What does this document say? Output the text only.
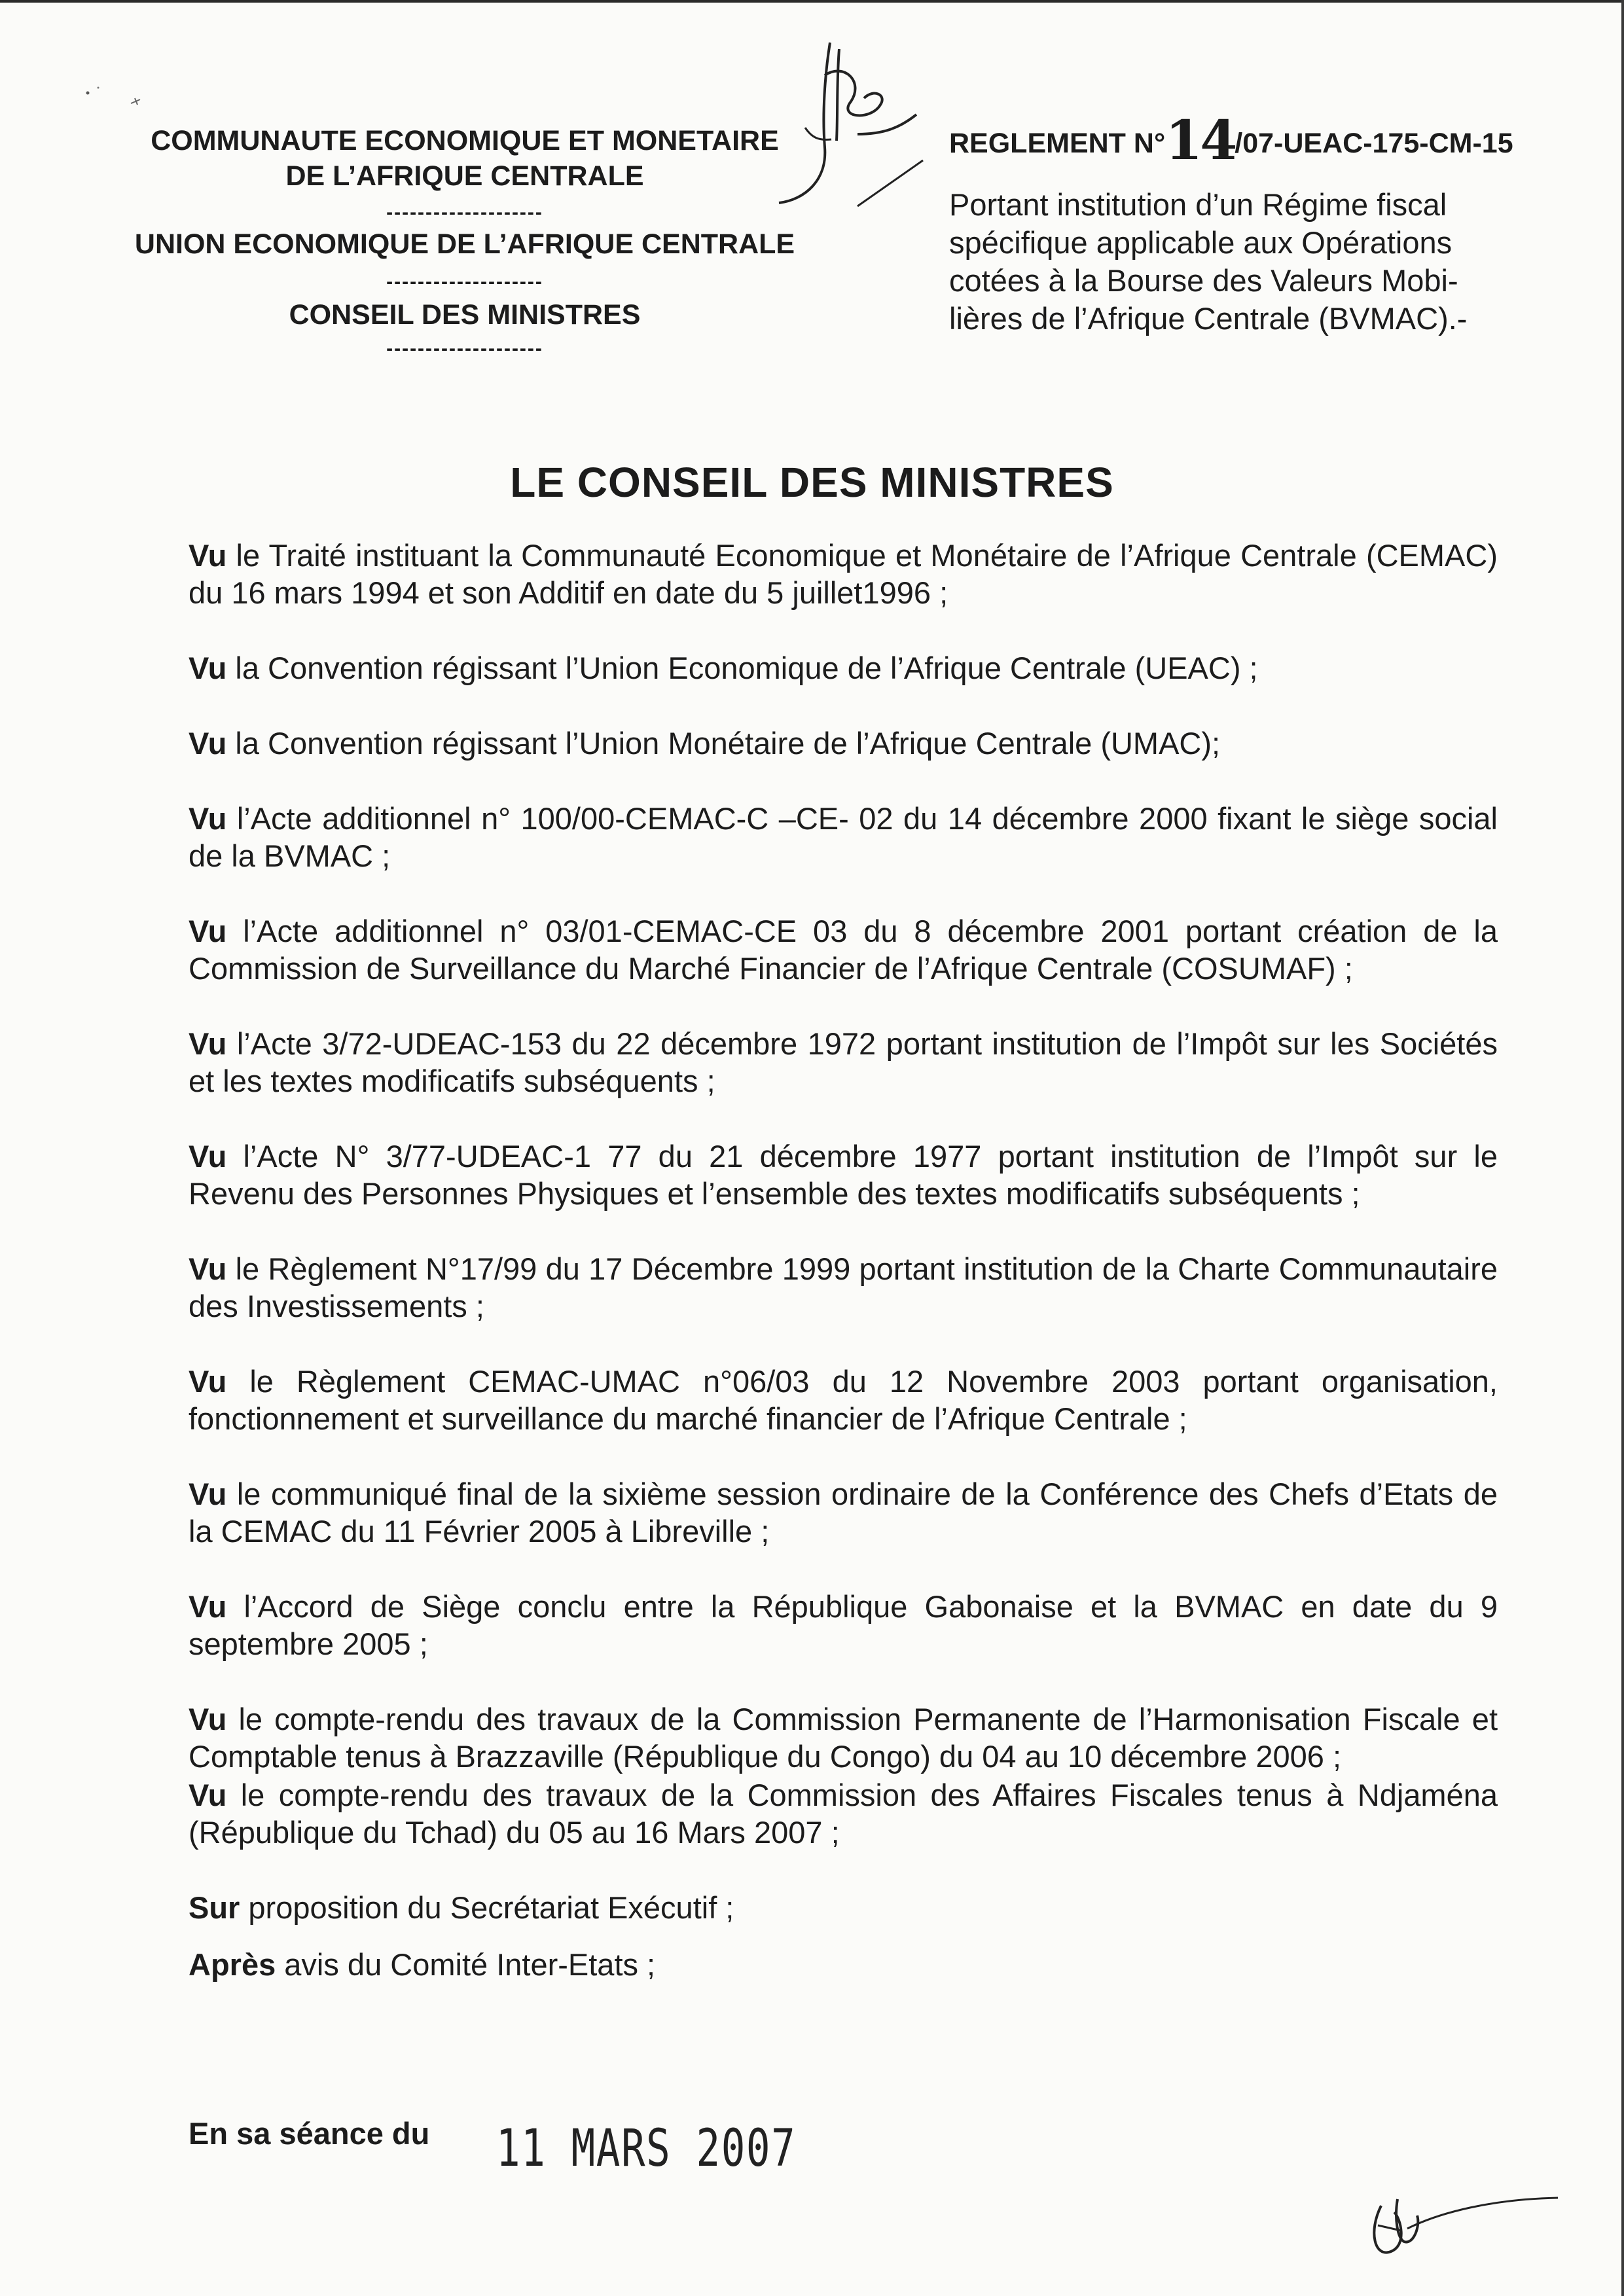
COMMUNAUTE ECONOMIQUE ET MONETAIRE
DE L’AFRIQUE CENTRALE
--------------------
UNION ECONOMIQUE DE L’AFRIQUE CENTRALE
--------------------
CONSEIL DES MINISTRES
--------------------
REGLEMENT N°14/07-UEAC-175-CM-15
Portant institution d’un Régime fiscal
spécifique applicable aux Opérations
cotées à la Bourse des Valeurs Mobi-
lières de l’Afrique Centrale (BVMAC).-
LE CONSEIL DES MINISTRES

Vu le Traité instituant la Communauté Economique et Monétaire de l’Afrique Centrale (CEMAC) du 16 mars 1994 et son Additif en date du 5 juillet1996 ;

Vu la Convention régissant l’Union Economique de l’Afrique Centrale (UEAC) ;

Vu la Convention régissant l’Union Monétaire de l’Afrique Centrale (UMAC);

Vu l’Acte additionnel n° 100/00-CEMAC-C –CE- 02 du 14 décembre 2000 fixant le siège social de la BVMAC ;

Vu l’Acte additionnel n° 03/01-CEMAC-CE 03 du 8 décembre 2001 portant création de la Commission de Surveillance du Marché Financier de l’Afrique Centrale (COSUMAF) ;

Vu l’Acte 3/72-UDEAC-153 du 22 décembre 1972 portant institution de l’Impôt sur les Sociétés et les textes modificatifs subséquents ;

Vu l’Acte N° 3/77-UDEAC-1 77 du 21 décembre 1977 portant institution de l’Impôt sur le Revenu des Personnes Physiques et l’ensemble des textes modificatifs subséquents ;

Vu le Règlement N°17/99 du 17 Décembre 1999 portant institution de la Charte Communautaire des Investissements ;

Vu le Règlement CEMAC-UMAC n°06/03 du 12 Novembre 2003 portant organisation, fonctionnement et surveillance du marché financier de l’Afrique Centrale ;

Vu le communiqué final de la sixième session ordinaire de la Conférence des Chefs d’Etats de la CEMAC du 11 Février 2005 à Libreville ;

Vu l’Accord de Siège conclu entre la République Gabonaise et la BVMAC en date du 9 septembre 2005 ;

Vu le compte-rendu des travaux de la Commission Permanente de l’Harmonisation Fiscale et Comptable tenus à Brazzaville (République du Congo) du 04 au 10 décembre 2006 ;

Vu le compte-rendu des travaux de la Commission des Affaires Fiscales tenus à Ndjaména (République du Tchad) du 05 au 16 Mars 2007 ;

Sur proposition du Secrétariat Exécutif ;

Après avis du Comité Inter-Etats ;

En sa séance du 11 MARS 2007
